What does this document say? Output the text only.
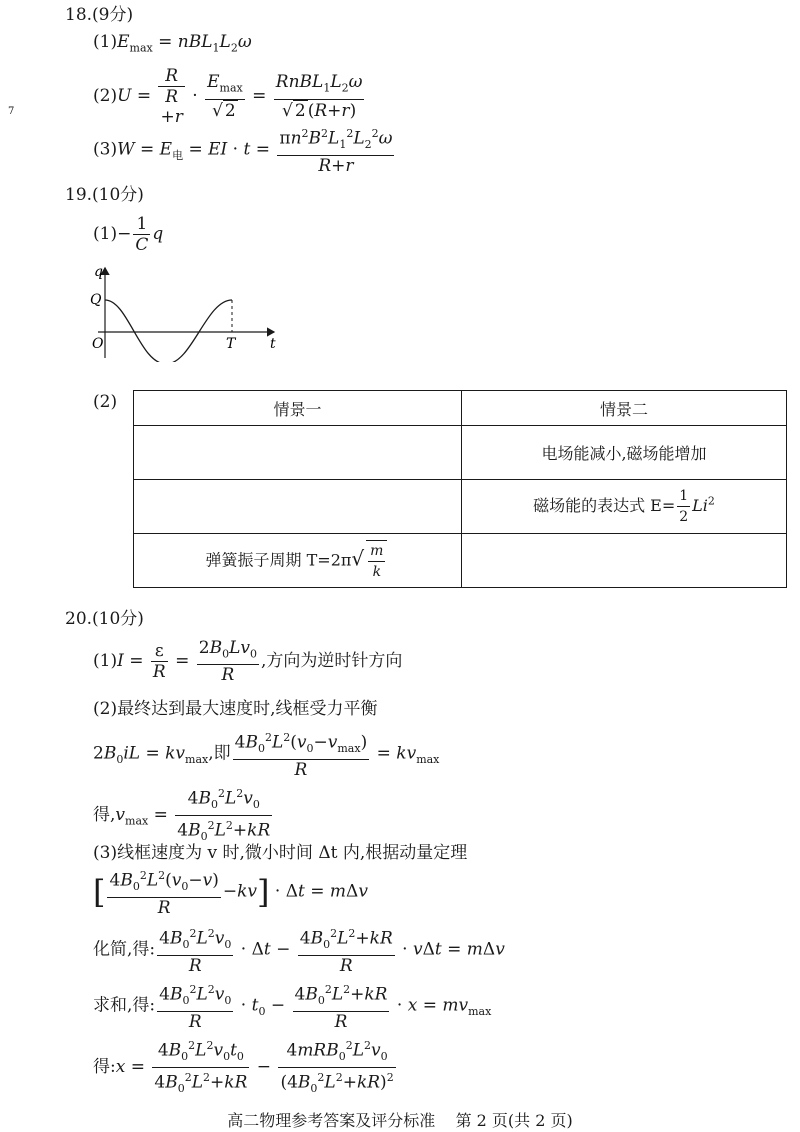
18.(9分)
$(1)E_{max} = nBL_1L_2\omega$
(2)U =
R
R
+r
·
$E_{max}$
√ 2
=
$RnBL_1L_2\omega$
√ 2 (R+r)
7
$(3)W = E_电$ = EI · $t = \frac{\pi n^2B^2L_1^2L_2^2\omega}{R+r}$
19.(10分)
$(1)- \frac{1}{C}$ q
q
Q
O	T t
(2)	情景一	情景二
	电场能减小,磁场能增加
	磁场能的表达式 $E= \frac{1}{2} Li^2$
弹簧振子周期 $T=2\pi√ \frac{m}{k}$

20.(10分)
$(1)I = \frac{\varepsilon}{R} = \frac{2B_0Lv_0}{R}$ ,方向为逆时针方向
(2)最终达到最大速度时,线框受力平衡
$2B_0iL = kv_{max}$,即
$4B_0^2L^2(v_0-v_{max})$
R
= $kv_{max}$
得$,v_{max} = \frac{4B_0^2L^2v_0}{4B_0^2L^2+kR}$
(3)线框速度为 v 时,微小时间 Δt 内,根据动量定理
[ $\frac{4B_0^2L^2(v_0-v)}{R} -kv] \cdot \Delta t = m\Delta v$
化简,得: $\frac{4B_0^2L^2v_0}{R} \cdot \Delta t - \frac{4B_0^2L^2+kR}{R} \cdot v\Delta t = m\Delta v$
求和,得: $\frac{4B_0^2L^2v_0}{R} \cdot t_0 - \frac{4B_0^2L^2+kR}{R} \cdot x = mv_{max}$
得:x = $\frac{4B_0^2L^2v_0t_0}{4B_0^2L^2+kR}$ −
$4mRB_0^2L^2v_0$
$(4B_0^2L^2+kR)^2$
高二物理参考答案及评分标准    第 2 页(共 2 页)
